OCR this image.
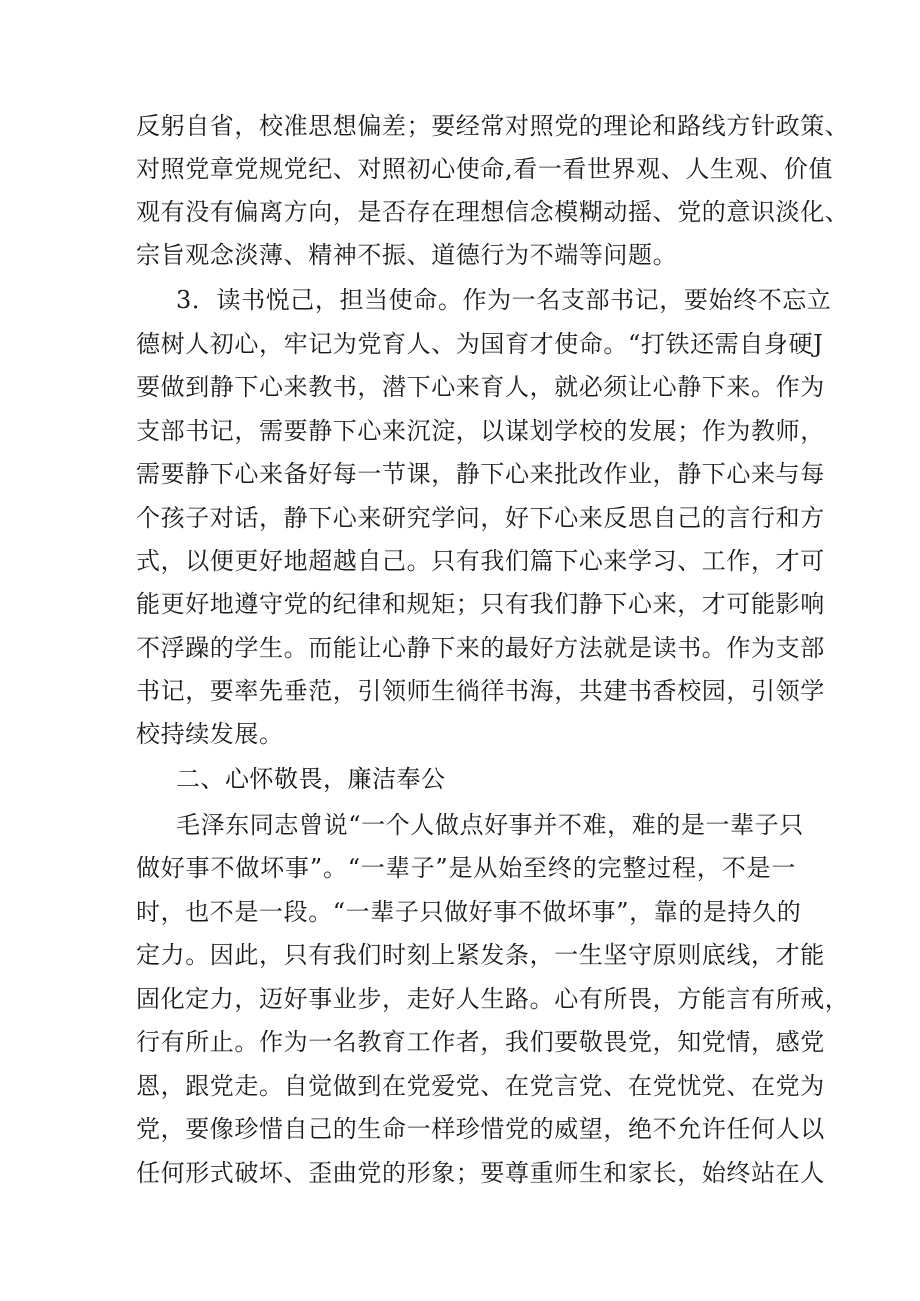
反躬自省，校准思想偏差；要经常对照党的理论和路线方针政策、
对照党章党规党纪、对照初心使命,看一看世界观、人生观、价值
观有没有偏离方向，是否存在理想信念模糊动摇、党的意识淡化、
宗旨观念淡薄、精神不振、道德行为不端等问题。
3．读书悦己，担当使命。作为一名支部书记，要始终不忘立
德树人初心，牢记为党育人、为国育才使命。“打铁还需自身硬J
要做到静下心来教书，潜下心来育人，就必须让心静下来。作为
支部书记，需要静下心来沉淀，以谋划学校的发展；作为教师，
需要静下心来备好每一节课，静下心来批改作业，静下心来与每
个孩子对话，静下心来研究学问，好下心来反思自己的言行和方
式，以便更好地超越自己。只有我们篇下心来学习、工作，才可
能更好地遵守党的纪律和规矩；只有我们静下心来，才可能影响
不浮躁的学生。而能让心静下来的最好方法就是读书。作为支部
书记，要率先垂范，引领师生徜徉书海，共建书香校园，引领学
校持续发展。
二、心怀敬畏，廉洁奉公
毛泽东同志曾说“一个人做点好事并不难，难的是一辈子只
做好事不做坏事”。“一辈子”是从始至终的完整过程，不是一
时，也不是一段。“一辈子只做好事不做坏事”，靠的是持久的
定力。因此，只有我们时刻上紧发条，一生坚守原则底线，才能
固化定力，迈好事业步，走好人生路。心有所畏，方能言有所戒，
行有所止。作为一名教育工作者，我们要敬畏党，知党情，感党
恩，跟党走。自觉做到在党爱党、在党言党、在党忧党、在党为
党，要像珍惜自己的生命一样珍惜党的威望，绝不允许任何人以
任何形式破坏、歪曲党的形象；要尊重师生和家长，始终站在人
